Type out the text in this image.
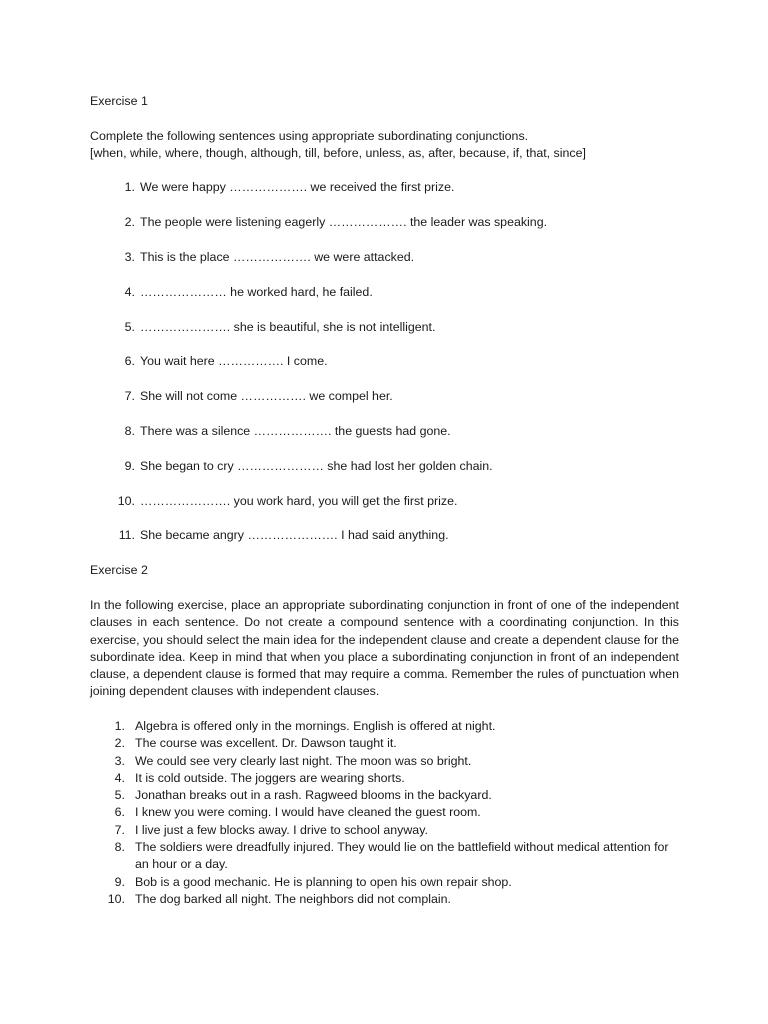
Exercise 1
Complete the following sentences using appropriate subordinating conjunctions.
[when, while, where, though, although, till, before, unless, as, after, because, if, that, since]
1. We were happy ………………. we received the first prize.
2. The people were listening eagerly ………………. the leader was speaking.
3. This is the place ………………. we were attacked.
4. ………………… he worked hard, he failed.
5. …………………. she is beautiful, she is not intelligent.
6. You wait here ……………. I come.
7. She will not come ……………. we compel her.
8. There was a silence ………………. the guests had gone.
9. She began to cry ………………… she had lost her golden chain.
10. …………………. you work hard, you will get the first prize.
11. She became angry …………………. I had said anything.
Exercise 2

In the following exercise, place an appropriate subordinating conjunction in front of one of the independent clauses in each sentence. Do not create a compound sentence with a coordinating conjunction. In this exercise, you should select the main idea for the independent clause and create a dependent clause for the subordinate idea. Keep in mind that when you place a subordinating conjunction in front of an independent clause, a dependent clause is formed that may require a comma. Remember the rules of punctuation when joining dependent clauses with independent clauses.

1. Algebra is offered only in the mornings. English is offered at night.
2. The course was excellent. Dr. Dawson taught it.
3. We could see very clearly last night. The moon was so bright.
4. It is cold outside. The joggers are wearing shorts.
5. Jonathan breaks out in a rash. Ragweed blooms in the backyard.
6. I knew you were coming. I would have cleaned the guest room.
7. I live just a few blocks away. I drive to school anyway.
8. The soldiers were dreadfully injured. They would lie on the battlefield without medical attention for an hour or a day.
9. Bob is a good mechanic. He is planning to open his own repair shop.
10. The dog barked all night. The neighbors did not complain.
